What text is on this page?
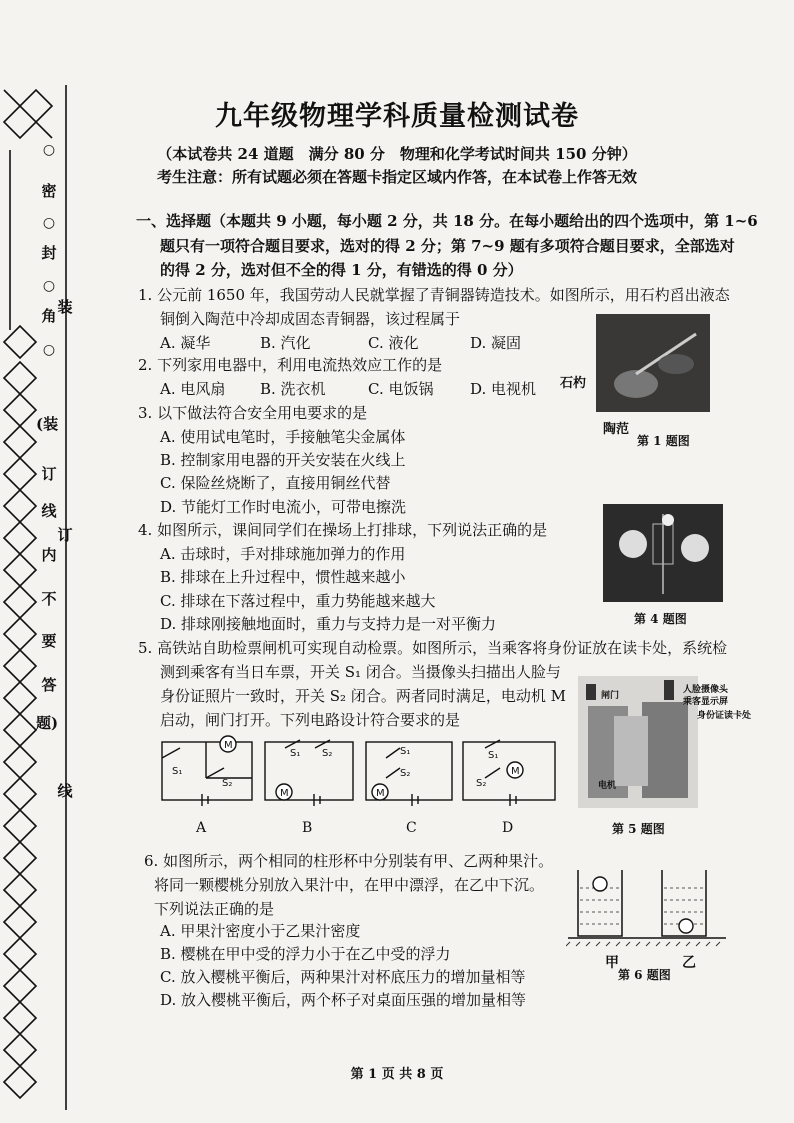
○
密
○
封
○
角
○
(装
订
线
内
不
要
答
题)
装
订
线
九年级物理学科质量检测试卷
（本试卷共 24 道题　满分 80 分　物理和化学考试时间共 150 分钟）
考生注意：所有试题必须在答题卡指定区域内作答，在本试卷上作答无效
一、选择题（本题共 9 小题，每小题 2 分，共 18 分。在每小题给出的四个选项中，第 1~6
题只有一项符合题目要求，选对的得 2 分；第 7~9 题有多项符合题目要求，全部选对
的得 2 分，选对但不全的得 1 分，有错选的得 0 分）
1. 公元前 1650 年，我国劳动人民就掌握了青铜器铸造技术。如图所示，用石杓舀出液态
铜倒入陶范中冷却成固态青铜器，该过程属于
A. 凝华	B. 汽化	C. 液化	D. 凝固
石杓
陶范
第 1 题图
2. 下列家用电器中，利用电流热效应工作的是
A. 电风扇 B. 洗衣机	C. 电饭锅 D. 电视机
3. 以下做法符合安全用电要求的是
A. 使用试电笔时，手接触笔尖金属体
B. 控制家用电器的开关安装在火线上
C. 保险丝烧断了，直接用铜丝代替
D. 节能灯工作时电流小，可带电擦洗
4. 如图所示，课间同学们在操场上打排球，下列说法正确的是
A. 击球时，手对排球施加弹力的作用
B. 排球在上升过程中，惯性越来越小
C. 排球在下落过程中，重力势能越来越大
D. 排球刚接触地面时，重力与支持力是一对平衡力	第 4 题图
5. 高铁站自助检票闸机可实现自动检票。如图所示，当乘客将身份证放在读卡处，系统检
测到乘客有当日车票，开关 S₁ 闭合。当摄像头扫描出人脸与
身份证照片一致时，开关 S₂ 闭合。两者同时满足，电动机 M
启动，闸门打开。下列电路设计符合要求的是
M
M	M
M
S₁
S₂
S₁ S₂	S₁
S₂
S₁
S₂
A	B	C	D
闸门
电机
人脸摄像头
乘客显示屏
身份证读卡处
第 5 题图
6. 如图所示，两个相同的柱形杯中分别装有甲、乙两种果汁。
将同一颗樱桃分别放入果汁中，在甲中漂浮，在乙中下沉。
下列说法正确的是
A. 甲果汁密度小于乙果汁密度
B. 樱桃在甲中受的浮力小于在乙中受的浮力
C. 放入樱桃平衡后，两种果汁对杯底压力的增加量相等
D. 放入樱桃平衡后，两个杯子对桌面压强的增加量相等
甲	乙
第 6 题图
第 1 页 共 8 页
